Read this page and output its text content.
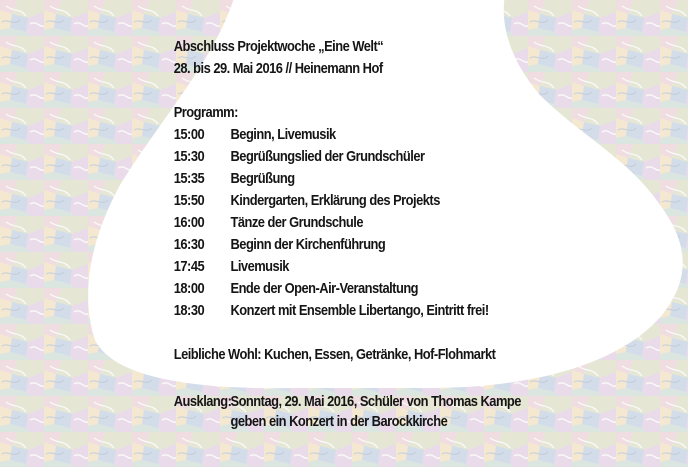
Abschluss Projektwoche „Eine Welt“
28. bis 29. Mai 2016 // Heinemann Hof
Programm:
15:00 Beginn, Livemusik
15:30 Begrüßungslied der Grundschüler
15:35 Begrüßung
15:50 Kindergarten, Erklärung des Projekts
16:00 Tänze der Grundschule
16:30 Beginn der Kirchenführung
17:45 Livemusik
18:00 Ende der Open-Air-Veranstaltung
18:30 Konzert mit Ensemble Libertango, Eintritt frei!
Leibliche Wohl: Kuchen, Essen, Getränke, Hof-Flohmarkt
Ausklang: Sonntag, 29. Mai 2016, Schüler von Thomas Kampe
geben ein Konzert in der Barockkirche
